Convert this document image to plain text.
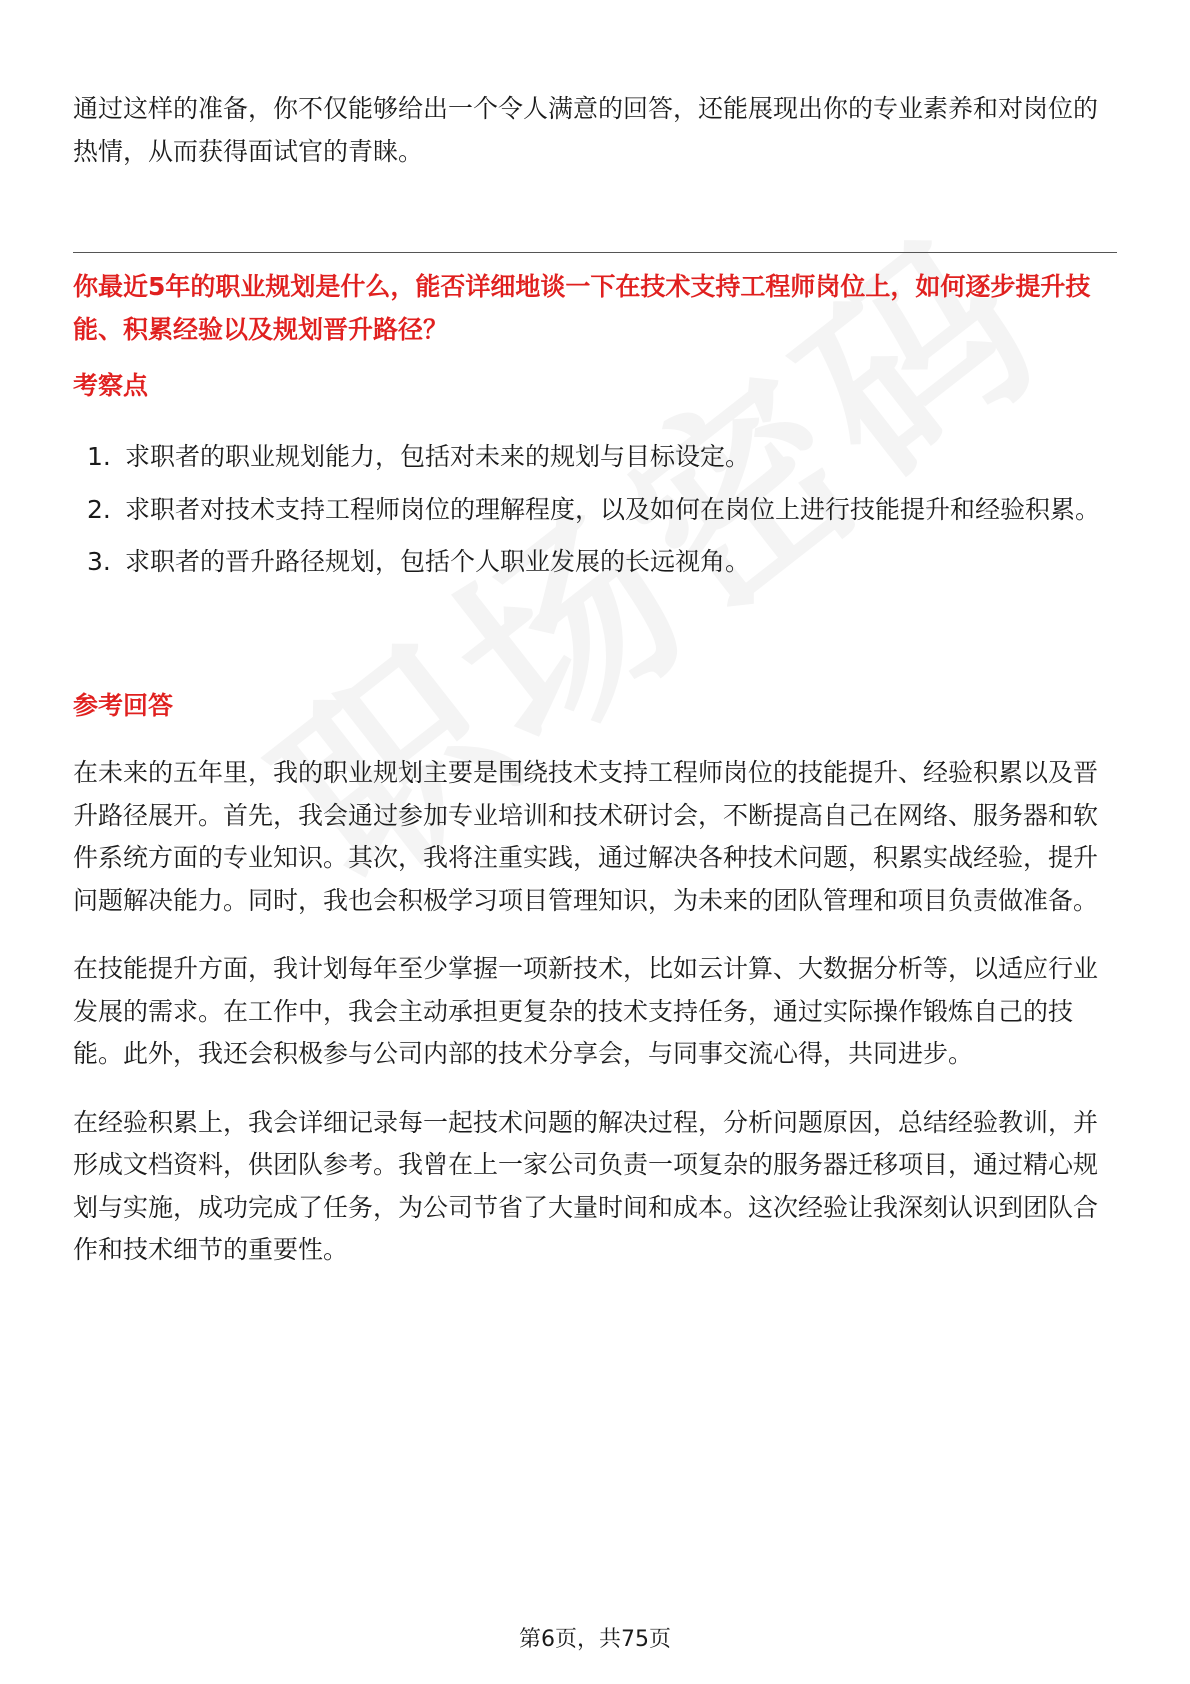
通过这样的准备，你不仅能够给出一个令人满意的回答，还能展现出你的专业素养和对岗位的热情，从而获得面试官的青睐。

你最近5年的职业规划是什么，能否详细地谈一下在技术支持工程师岗位上，如何逐步提升技能、积累经验以及规划晋升路径？

考察点
1. 求职者的职业规划能力，包括对未来的规划与目标设定。
2. 求职者对技术支持工程师岗位的理解程度，以及如何在岗位上进行技能提升和经验积累。
3. 求职者的晋升路径规划，包括个人职业发展的长远视角。
参考回答

在未来的五年里，我的职业规划主要是围绕技术支持工程师岗位的技能提升、经验积累以及晋升路径展开。首先，我会通过参加专业培训和技术研讨会，不断提高自己在网络、服务器和软件系统方面的专业知识。其次，我将注重实践，通过解决各种技术问题，积累实战经验，提升问题解决能力。同时，我也会积极学习项目管理知识，为未来的团队管理和项目负责做准备。

在技能提升方面，我计划每年至少掌握一项新技术，比如云计算、大数据分析等，以适应行业发展的需求。在工作中，我会主动承担更复杂的技术支持任务，通过实际操作锻炼自己的技能。此外，我还会积极参与公司内部的技术分享会，与同事交流心得，共同进步。

在经验积累上，我会详细记录每一起技术问题的解决过程，分析问题原因，总结经验教训，并形成文档资料，供团队参考。我曾在上一家公司负责一项复杂的服务器迁移项目，通过精心规划与实施，成功完成了任务，为公司节省了大量时间和成本。这次经验让我深刻认识到团队合作和技术细节的重要性。

第6页，共75页
